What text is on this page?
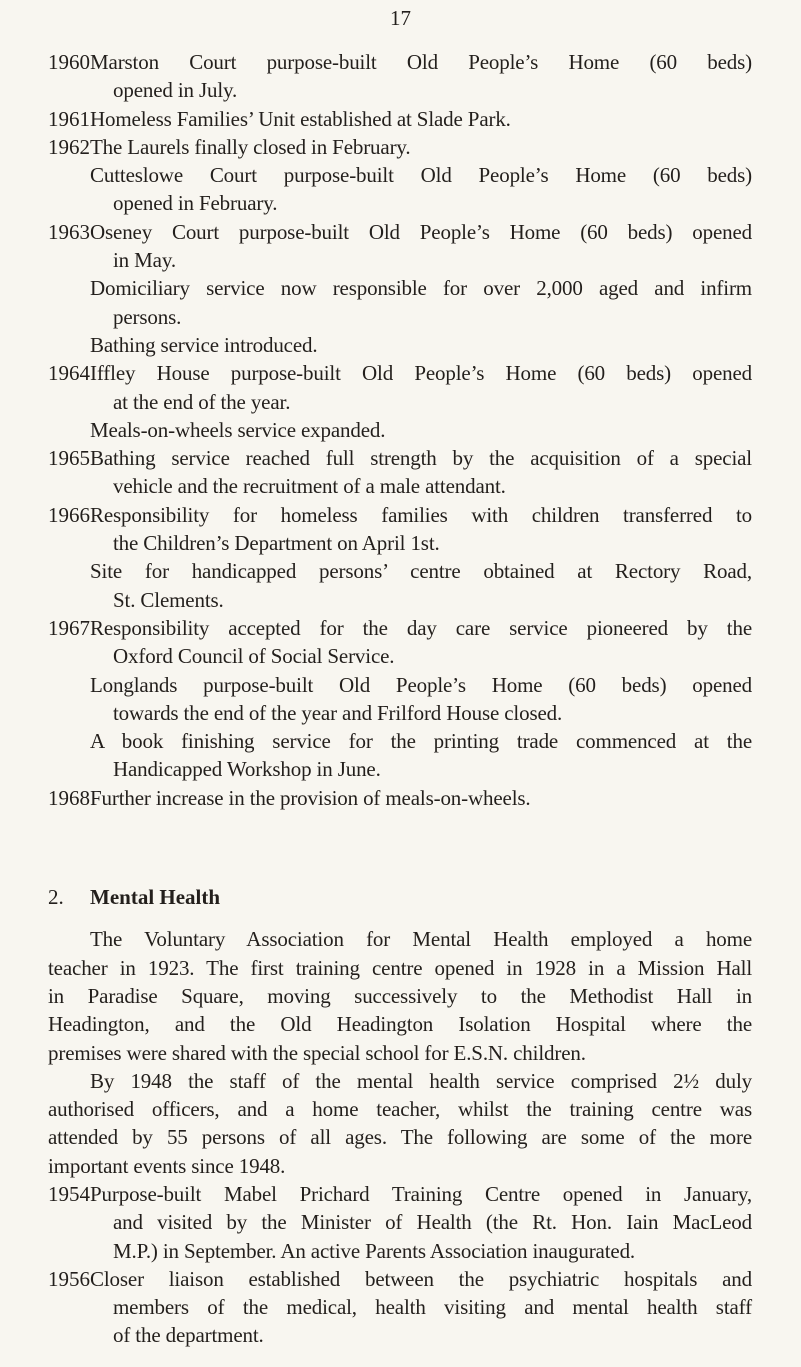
17
1960 Marston Court purpose-built Old People’s Home (60 beds)
opened in July.
1961 Homeless Families’ Unit established at Slade Park.
1962 The Laurels finally closed in February.
Cutteslowe Court purpose-built Old People’s Home (60 beds)
opened in February.
1963 Oseney Court purpose-built Old People’s Home (60 beds) opened
in May.
Domiciliary service now responsible for over 2,000 aged and infirm
persons.
Bathing service introduced.
1964 Iffley House purpose-built Old People’s Home (60 beds) opened
at the end of the year.
Meals-on-wheels service expanded.
1965 Bathing service reached full strength by the acquisition of a special
vehicle and the recruitment of a male attendant.
1966 Responsibility for homeless families with children transferred to
the Children’s Department on April 1st.
Site for handicapped persons’ centre obtained at Rectory Road,
St. Clements.
1967 Responsibility accepted for the day care service pioneered by the
Oxford Council of Social Service.
Longlands purpose-built Old People’s Home (60 beds) opened
towards the end of the year and Frilford House closed.
A book finishing service for the printing trade commenced at the
Handicapped Workshop in June.
1968 Further increase in the provision of meals-on-wheels.
2. Mental Health
The Voluntary Association for Mental Health employed a home
teacher in 1923. The first training centre opened in 1928 in a Mission Hall
in Paradise Square, moving successively to the Methodist Hall in
Headington, and the Old Headington Isolation Hospital where the
premises were shared with the special school for E.S.N. children.
By 1948 the staff of the mental health service comprised 2½ duly
authorised officers, and a home teacher, whilst the training centre was
attended by 55 persons of all ages. The following are some of the more
important events since 1948.
1954 Purpose-built Mabel Prichard Training Centre opened in January,
and visited by the Minister of Health (the Rt. Hon. Iain MacLeod
M.P.) in September. An active Parents Association inaugurated.
1956 Closer liaison established between the psychiatric hospitals and
members of the medical, health visiting and mental health staff
of the department.
